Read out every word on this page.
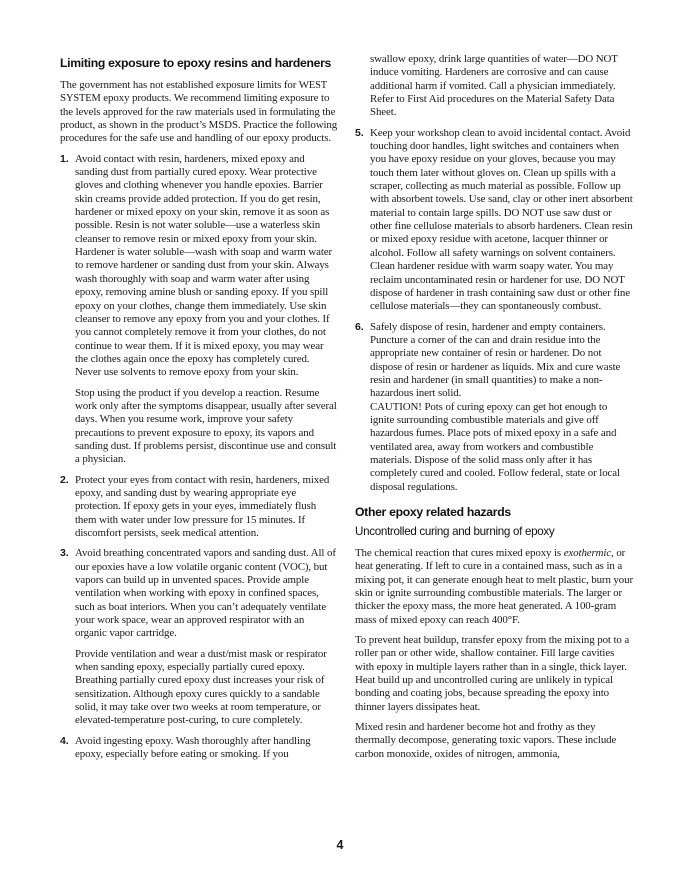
Limiting exposure to epoxy resins and hardeners

The government has not established exposure limits for WEST SYSTEM epoxy products. We recommend limiting exposure to the levels approved for the raw materials used in formulating the product, as shown in the product’s MSDS. Practice the following procedures for the safe use and handling of our epoxy products.

1. Avoid contact with resin, hardeners, mixed epoxy and sanding dust from partially cured epoxy. Wear protective gloves and clothing whenever you handle epoxies. Barrier skin creams provide added protection. If you do get resin, hardener or mixed epoxy on your skin, remove it as soon as possible. Resin is not water soluble—use a waterless skin cleanser to remove resin or mixed epoxy from your skin. Hardener is water soluble—wash with soap and warm water to remove hardener or sanding dust from your skin. Always wash thoroughly with soap and warm water after using epoxy, removing amine blush or sanding epoxy. If you spill epoxy on your clothes, change them immediately. Use skin cleanser to remove any epoxy from you and your clothes. If you cannot completely remove it from your clothes, do not continue to wear them. If it is mixed epoxy, you may wear the clothes again once the epoxy has completely cured. Never use solvents to remove epoxy from your skin.

Stop using the product if you develop a reaction. Resume work only after the symptoms disappear, usually after several days. When you resume work, improve your safety precautions to prevent exposure to epoxy, its vapors and sanding dust. If problems persist, discontinue use and consult a physician.

2. Protect your eyes from contact with resin, hardeners, mixed epoxy, and sanding dust by wearing appropriate eye protection. If epoxy gets in your eyes, immediately flush them with water under low pressure for 15 minutes. If discomfort persists, seek medical attention.

3. Avoid breathing concentrated vapors and sanding dust. All of our epoxies have a low volatile organic content (VOC), but vapors can build up in unvented spaces. Provide ample ventilation when working with epoxy in confined spaces, such as boat interiors. When you can’t adequately ventilate your work space, wear an approved respirator with an organic vapor cartridge.

Provide ventilation and wear a dust/mist mask or respirator when sanding epoxy, especially partially cured epoxy. Breathing partially cured epoxy dust increases your risk of sensitization. Although epoxy cures quickly to a sandable solid, it may take over two weeks at room temperature, or elevated-temperature post-curing, to cure completely.

4. Avoid ingesting epoxy. Wash thoroughly after handling epoxy, especially before eating or smoking. If you

swallow epoxy, drink large quantities of water—DO NOT induce vomiting. Hardeners are corrosive and can cause additional harm if vomited. Call a physician immediately. Refer to First Aid procedures on the Material Safety Data Sheet.

5. Keep your workshop clean to avoid incidental contact. Avoid touching door handles, light switches and containers when you have epoxy residue on your gloves, because you may touch them later without gloves on. Clean up spills with a scraper, collecting as much material as possible. Follow up with absorbent towels. Use sand, clay or other inert absorbent material to contain large spills. DO NOT use saw dust or other fine cellulose materials to absorb hardeners. Clean resin or mixed epoxy residue with acetone, lacquer thinner or alcohol. Follow all safety warnings on solvent containers. Clean hardener residue with warm soapy water. You may reclaim uncontaminated resin or hardener for use. DO NOT dispose of hardener in trash containing saw dust or other fine cellulose materials—they can spontaneously combust.

6. Safely dispose of resin, hardener and empty containers. Puncture a corner of the can and drain residue into the appropriate new container of resin or hardener. Do not dispose of resin or hardener as liquids. Mix and cure waste resin and hardener (in small quantities) to make a non-hazardous inert solid.

CAUTION! Pots of curing epoxy can get hot enough to ignite surrounding combustible materials and give off hazardous fumes. Place pots of mixed epoxy in a safe and ventilated area, away from workers and combustible materials. Dispose of the solid mass only after it has completely cured and cooled. Follow federal, state or local disposal regulations.

Other epoxy related hazards
Uncontrolled curing and burning of epoxy

The chemical reaction that cures mixed epoxy is exothermic, or heat generating. If left to cure in a contained mass, such as in a mixing pot, it can generate enough heat to melt plastic, burn your skin or ignite surrounding combustible materials. The larger or thicker the epoxy mass, the more heat generated. A 100-gram mass of mixed epoxy can reach 400°F.

To prevent heat buildup, transfer epoxy from the mixing pot to a roller pan or other wide, shallow container. Fill large cavities with epoxy in multiple layers rather than in a single, thick layer. Heat build up and uncontrolled curing are unlikely in typical bonding and coating jobs, because spreading the epoxy into thinner layers dissipates heat.

Mixed resin and hardener become hot and frothy as they thermally decompose, generating toxic vapors. These include carbon monoxide, oxides of nitrogen, ammonia,

4
